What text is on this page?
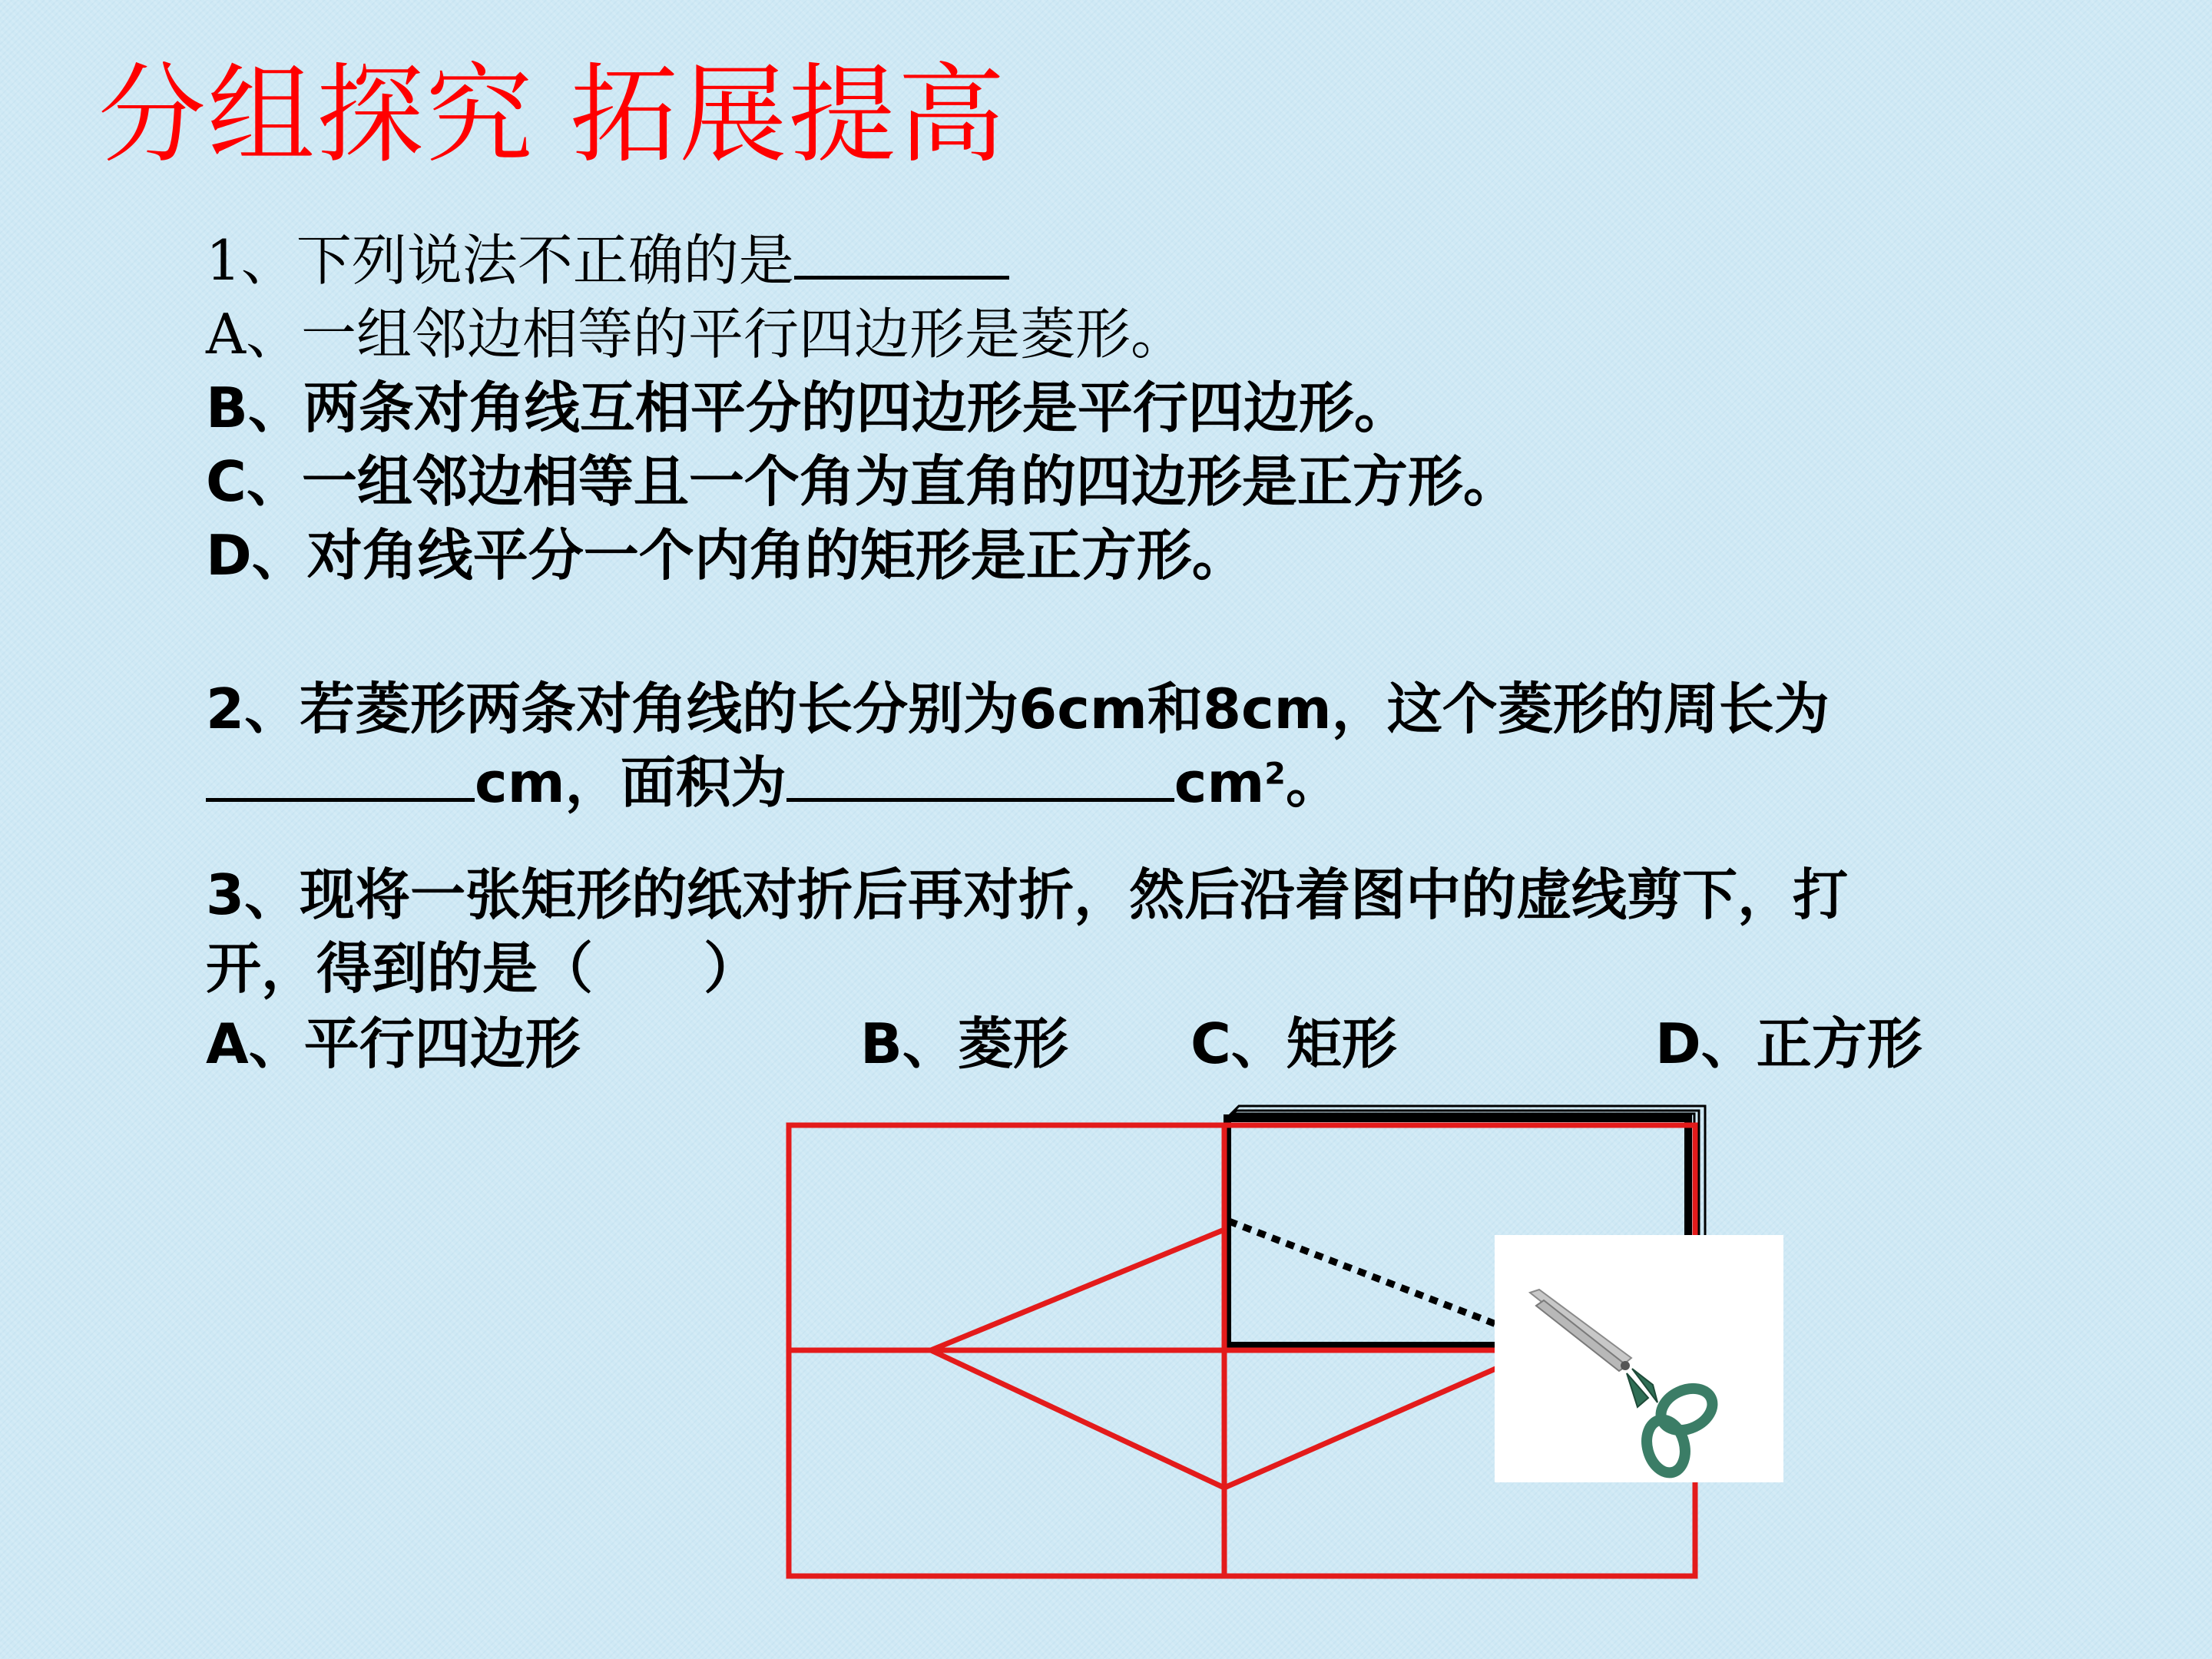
分组探究 拓展提高
1、下列说法不正确的是
A、一组邻边相等的平行四边形是菱形。
B、两条对角线互相平分的四边形是平行四边形。
C、一组邻边相等且一个角为直角的四边形是正方形。
D、对角线平分一个内角的矩形是正方形。
2、若菱形两条对角线的长分别为6cm和8cm，这个菱形的周长为
cm，面积为	$cm^2$。
3、现将一张矩形的纸对折后再对折，然后沿着图中的虚线剪下，打
开，得到的是（　　）
A、平行四边形	B、菱形 C、矩形	D、正方形
